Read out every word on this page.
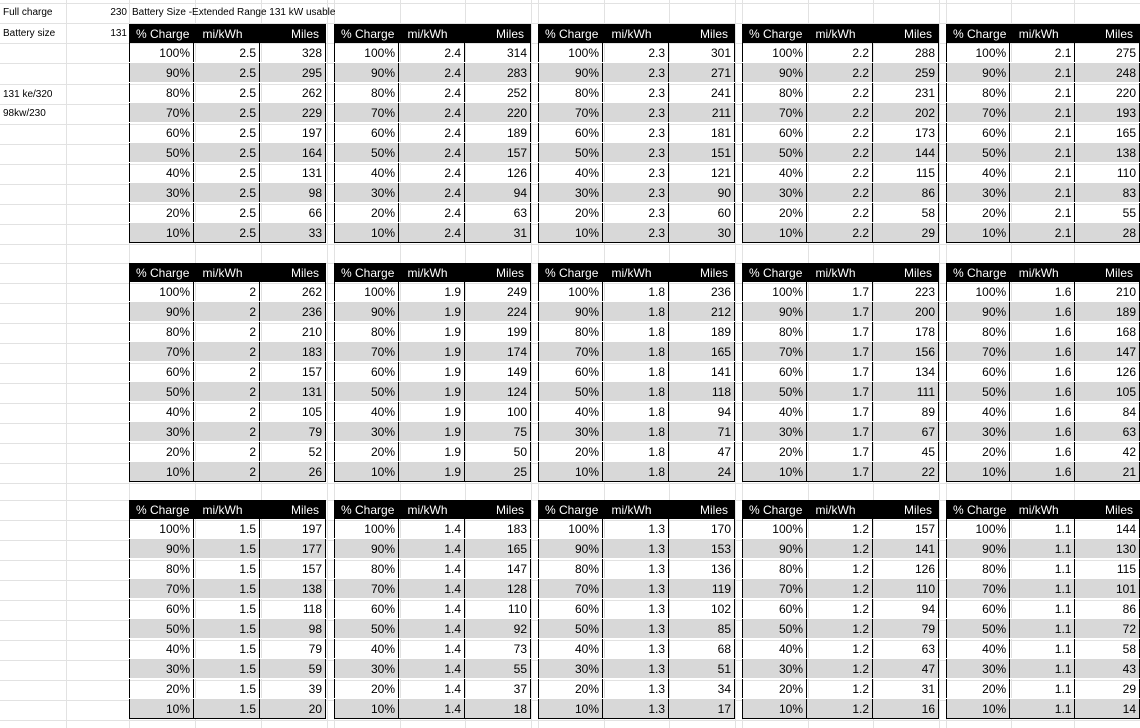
Full charge	230 Battery Size -Extended Range 131 kW usable
Battery size	131
131 ke/320
98kw/230
% Charge	mi/kWh	Miles
100%	2.5	328
90%	2.5	295
80%	2.5	262
70%	2.5	229
60%	2.5	197
50%	2.5	164
40%	2.5	131
30%	2.5	98
20%	2.5	66
10%	2.5	33
% Charge	mi/kWh	Miles
100%	2.4	314
90%	2.4	283
80%	2.4	252
70%	2.4	220
60%	2.4	189
50%	2.4	157
40%	2.4	126
30%	2.4	94
20%	2.4	63
10%	2.4	31
% Charge	mi/kWh	Miles
100%	2.3	301
90%	2.3	271
80%	2.3	241
70%	2.3	211
60%	2.3	181
50%	2.3	151
40%	2.3	121
30%	2.3	90
20%	2.3	60
10%	2.3	30
% Charge	mi/kWh	Miles
100%	2.2	288
90%	2.2	259
80%	2.2	231
70%	2.2	202
60%	2.2	173
50%	2.2	144
40%	2.2	115
30%	2.2	86
20%	2.2	58
10%	2.2	29
% Charge	mi/kWh	Miles
100%	2.1	275
90%	2.1	248
80%	2.1	220
70%	2.1	193
60%	2.1	165
50%	2.1	138
40%	2.1	110
30%	2.1	83
20%	2.1	55
10%	2.1	28
% Charge	mi/kWh	Miles
100%	2	262
90%	2	236
80%	2	210
70%	2	183
60%	2	157
50%	2	131
40%	2	105
30%	2	79
20%	2	52
10%	2	26
% Charge	mi/kWh	Miles
100%	1.9	249
90%	1.9	224
80%	1.9	199
70%	1.9	174
60%	1.9	149
50%	1.9	124
40%	1.9	100
30%	1.9	75
20%	1.9	50
10%	1.9	25
% Charge	mi/kWh	Miles
100%	1.8	236
90%	1.8	212
80%	1.8	189
70%	1.8	165
60%	1.8	141
50%	1.8	118
40%	1.8	94
30%	1.8	71
20%	1.8	47
10%	1.8	24
% Charge	mi/kWh	Miles
100%	1.7	223
90%	1.7	200
80%	1.7	178
70%	1.7	156
60%	1.7	134
50%	1.7	111
40%	1.7	89
30%	1.7	67
20%	1.7	45
10%	1.7	22
% Charge	mi/kWh	Miles
100%	1.6	210
90%	1.6	189
80%	1.6	168
70%	1.6	147
60%	1.6	126
50%	1.6	105
40%	1.6	84
30%	1.6	63
20%	1.6	42
10%	1.6	21
% Charge	mi/kWh	Miles
100%	1.5	197
90%	1.5	177
80%	1.5	157
70%	1.5	138
60%	1.5	118
50%	1.5	98
40%	1.5	79
30%	1.5	59
20%	1.5	39
10%	1.5	20
% Charge	mi/kWh	Miles
100%	1.4	183
90%	1.4	165
80%	1.4	147
70%	1.4	128
60%	1.4	110
50%	1.4	92
40%	1.4	73
30%	1.4	55
20%	1.4	37
10%	1.4	18
% Charge	mi/kWh	Miles
100%	1.3	170
90%	1.3	153
80%	1.3	136
70%	1.3	119
60%	1.3	102
50%	1.3	85
40%	1.3	68
30%	1.3	51
20%	1.3	34
10%	1.3	17
% Charge	mi/kWh	Miles
100%	1.2	157
90%	1.2	141
80%	1.2	126
70%	1.2	110
60%	1.2	94
50%	1.2	79
40%	1.2	63
30%	1.2	47
20%	1.2	31
10%	1.2	16
% Charge	mi/kWh	Miles
100%	1.1	144
90%	1.1	130
80%	1.1	115
70%	1.1	101
60%	1.1	86
50%	1.1	72
40%	1.1	58
30%	1.1	43
20%	1.1	29
10%	1.1	14
